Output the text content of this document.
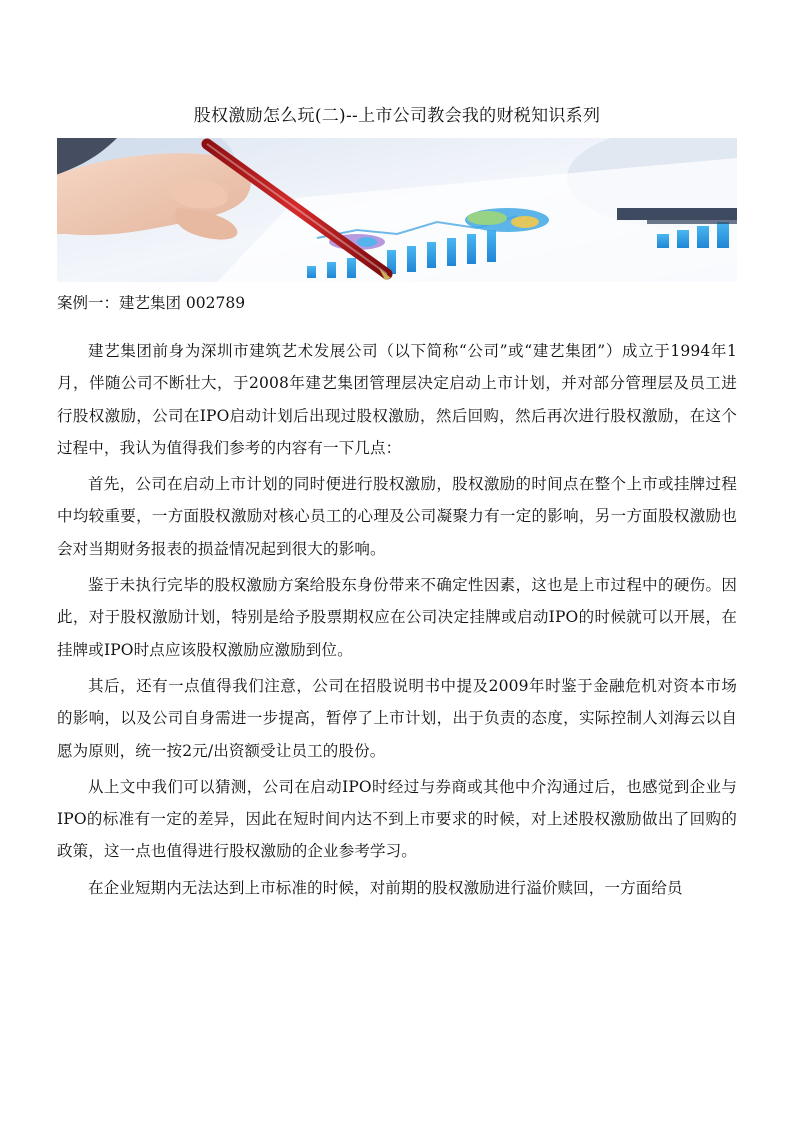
股权激励怎么玩(二)--上市公司教会我的财税知识系列
案例一：建艺集团 002789

建艺集团前身为深圳市建筑艺术发展公司（以下简称“公司”或“建艺集团”）成立于1994年1月，伴随公司不断壮大，于2008年建艺集团管理层决定启动上市计划，并对部分管理层及员工进行股权激励，公司在IPO启动计划后出现过股权激励，然后回购，然后再次进行股权激励，在这个过程中，我认为值得我们参考的内容有一下几点：

首先，公司在启动上市计划的同时便进行股权激励，股权激励的时间点在整个上市或挂牌过程中均较重要，一方面股权激励对核心员工的心理及公司凝聚力有一定的影响，另一方面股权激励也会对当期财务报表的损益情况起到很大的影响。

鉴于未执行完毕的股权激励方案给股东身份带来不确定性因素，这也是上市过程中的硬伤。因此，对于股权激励计划，特别是给予股票期权应在公司决定挂牌或启动IPO的时候就可以开展，在挂牌或IPO时点应该股权激励应激励到位。

其后，还有一点值得我们注意，公司在招股说明书中提及2009年时鉴于金融危机对资本市场的影响，以及公司自身需进一步提高，暂停了上市计划，出于负责的态度，实际控制人刘海云以自愿为原则，统一按2元/出资额受让员工的股份。

从上文中我们可以猜测，公司在启动IPO时经过与券商或其他中介沟通过后，也感觉到企业与IPO的标准有一定的差异，因此在短时间内达不到上市要求的时候，对上述股权激励做出了回购的政策，这一点也值得进行股权激励的企业参考学习。

在企业短期内无法达到上市标准的时候，对前期的股权激励进行溢价赎回，一方面给员
